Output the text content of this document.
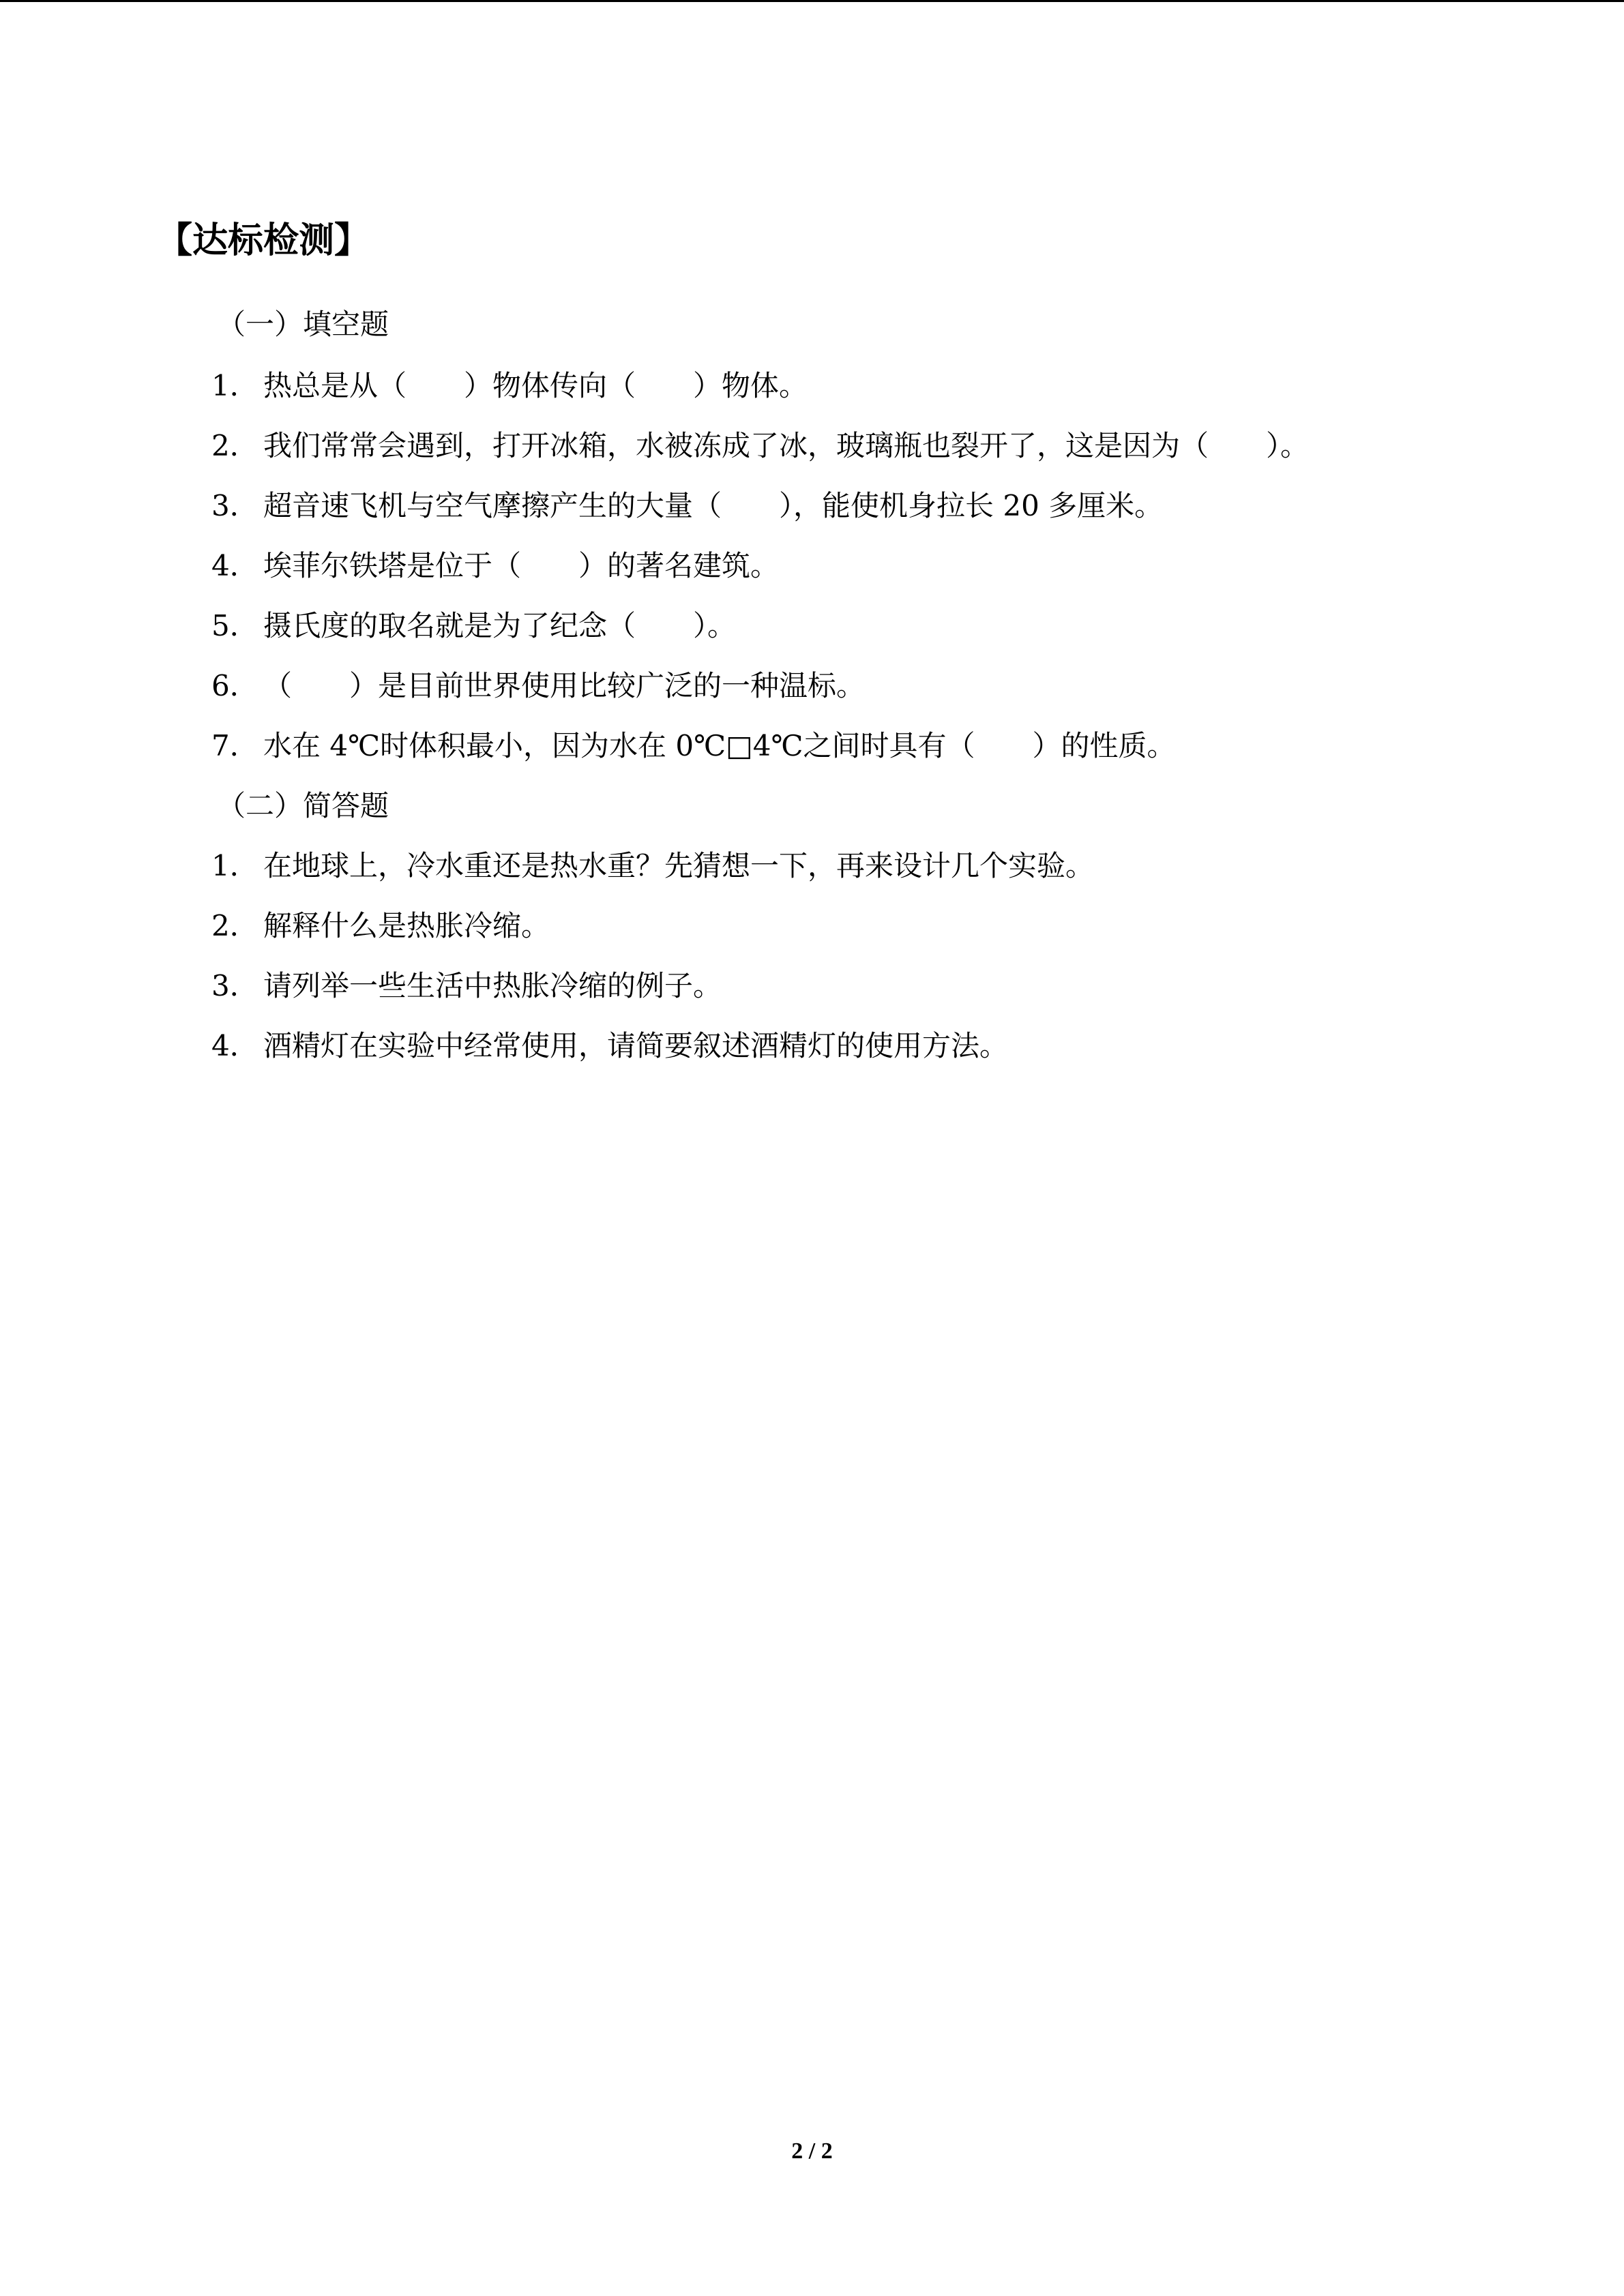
【达标检测】
（一）填空题
1． 热总是从（　　）物体传向（　　）物体。
2． 我们常常会遇到，打开冰箱，水被冻成了冰，玻璃瓶也裂开了，这是因为（　　）。
3． 超音速飞机与空气摩擦产生的大量（　　），能使机身拉长 20 多厘米。
4． 埃菲尔铁塔是位于（　　）的著名建筑。
5． 摄氏度的取名就是为了纪念（　　）。
6． （　　）是目前世界使用比较广泛的一种温标。
7． 水在 4℃时体积最小，因为水在 0℃□4℃之间时具有（　　）的性质。
（二）简答题
1． 在地球上，冷水重还是热水重？先猜想一下，再来设计几个实验。
2． 解释什么是热胀冷缩。
3． 请列举一些生活中热胀冷缩的例子。
4． 酒精灯在实验中经常使用，请简要叙述酒精灯的使用方法。
2 / 2
